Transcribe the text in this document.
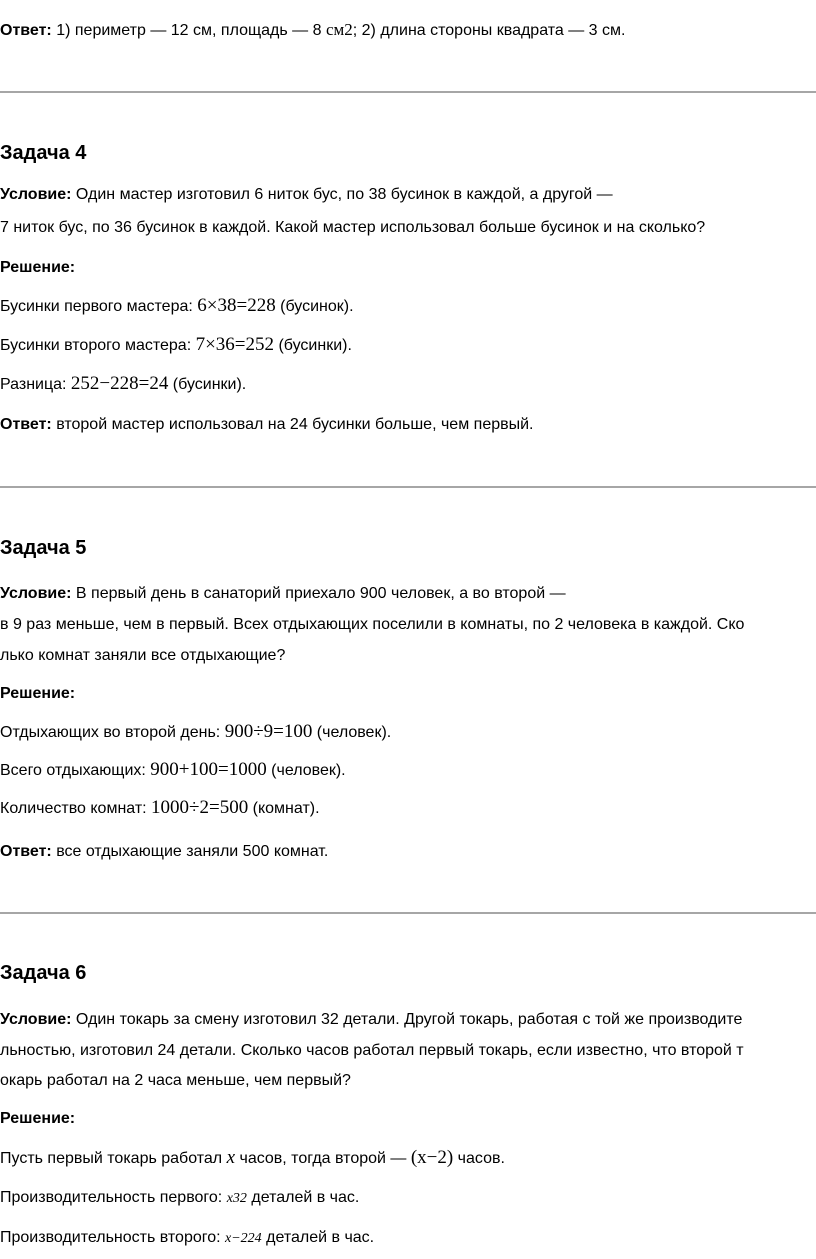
Ответ: 1) периметр — 12 см, площадь — 8 см2; 2) длина стороны квадрата — 3 см.
Задача 4
Условие: Один мастер изготовил 6 ниток бус, по 38 бусинок в каждой, а другой —
7 ниток бус, по 36 бусинок в каждой. Какой мастер использовал больше бусинок и на сколько?
Решение:
Бусинки первого мастера: 6×38=228 (бусинок).
Бусинки второго мастера: 7×36=252 (бусинки).
Разница: 252−228=24 (бусинки).
Ответ: второй мастер использовал на 24 бусинки больше, чем первый.
Задача 5
Условие: В первый день в санаторий приехало 900 человек, а во второй —
в 9 раз меньше, чем в первый. Всех отдыхающих поселили в комнаты, по 2 человека в каждой. Ско
лько комнат заняли все отдыхающие?
Решение:
Отдыхающих во второй день: 900÷9=100 (человек).
Всего отдыхающих: 900+100=1000 (человек).
Количество комнат: 1000÷2=500 (комнат).
Ответ: все отдыхающие заняли 500 комнат.
Задача 6
Условие: Один токарь за смену изготовил 32 детали. Другой токарь, работая с той же производите
льностью, изготовил 24 детали. Сколько часов работал первый токарь, если известно, что второй т
окарь работал на 2 часа меньше, чем первый?
Решение:
Пусть первый токарь работал x часов, тогда второй — (x−2) часов.
Производительность первого: x32 деталей в час.
Производительность второго: x−224 деталей в час.
